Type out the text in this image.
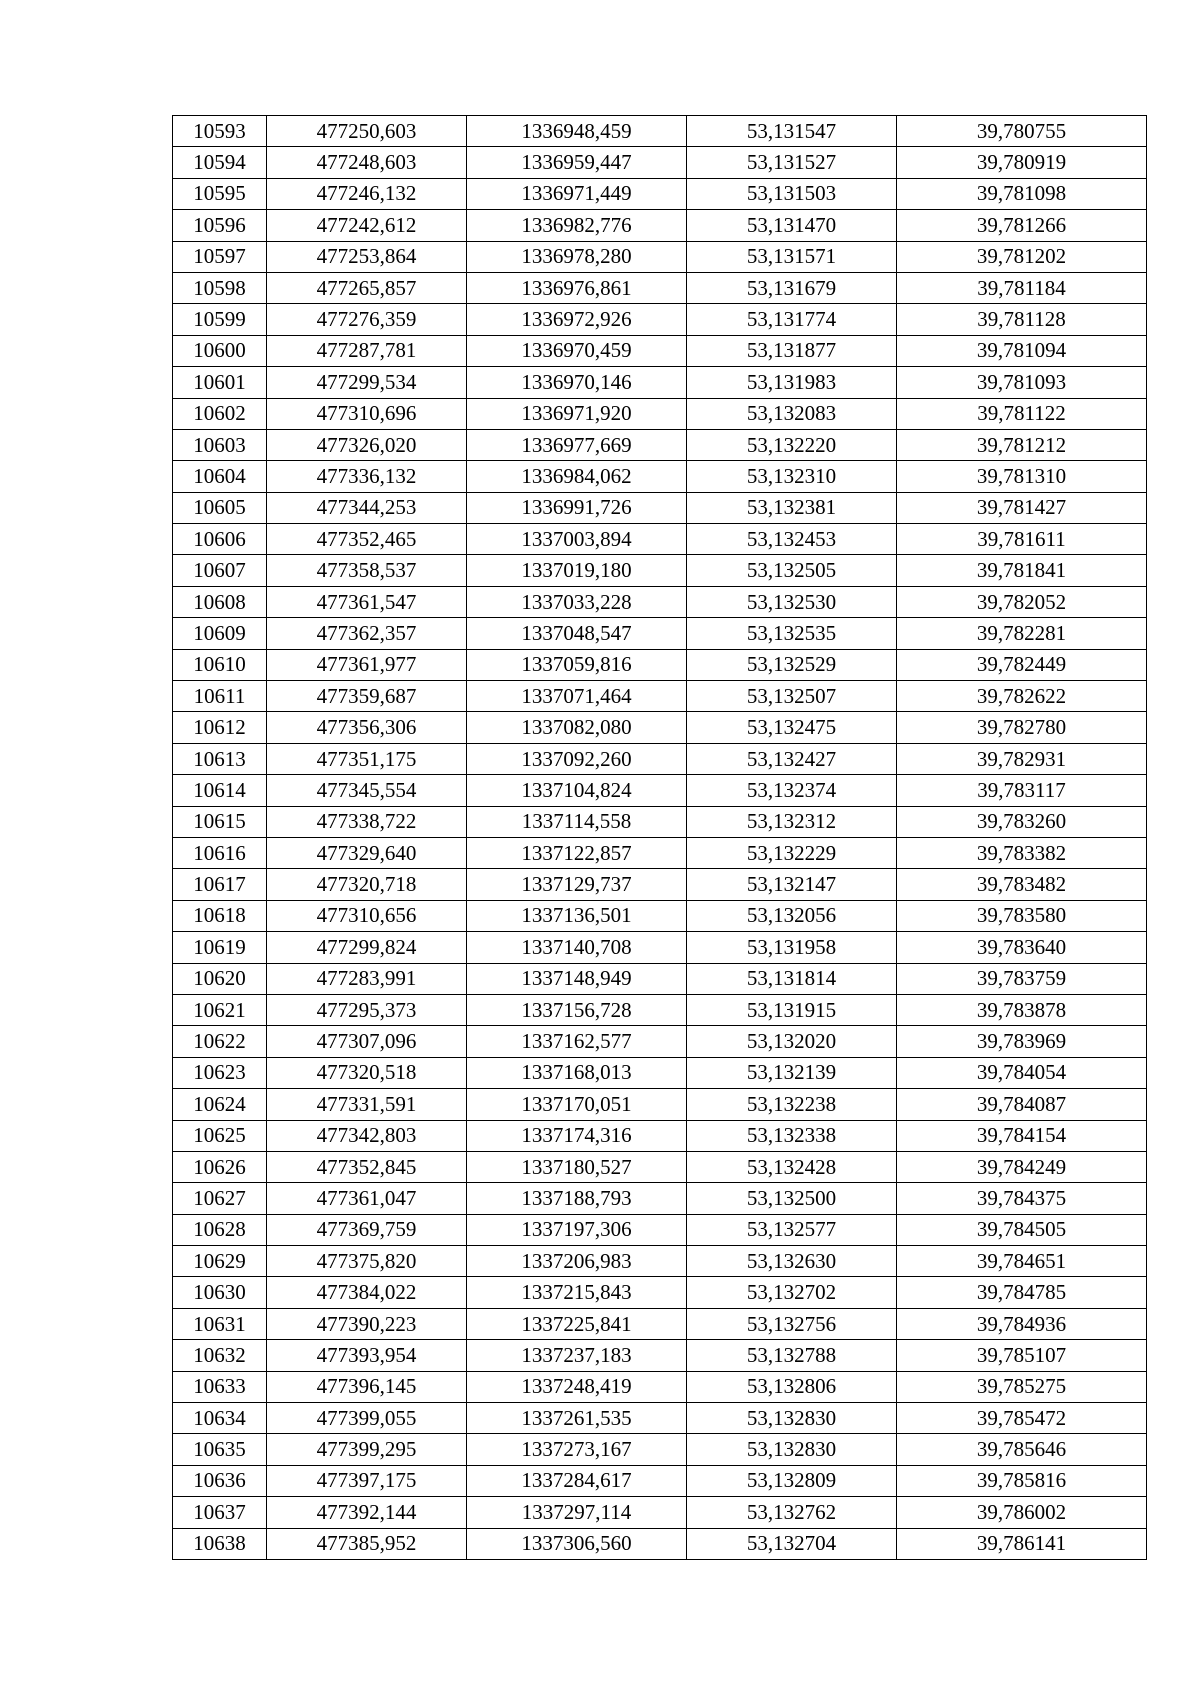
10593	477250,603	1336948,459	53,131547	39,780755
10594	477248,603	1336959,447	53,131527	39,780919
10595	477246,132	1336971,449	53,131503	39,781098
10596	477242,612	1336982,776	53,131470	39,781266
10597	477253,864	1336978,280	53,131571	39,781202
10598	477265,857	1336976,861	53,131679	39,781184
10599	477276,359	1336972,926	53,131774	39,781128
10600	477287,781	1336970,459	53,131877	39,781094
10601	477299,534	1336970,146	53,131983	39,781093
10602	477310,696	1336971,920	53,132083	39,781122
10603	477326,020	1336977,669	53,132220	39,781212
10604	477336,132	1336984,062	53,132310	39,781310
10605	477344,253	1336991,726	53,132381	39,781427
10606	477352,465	1337003,894	53,132453	39,781611
10607	477358,537	1337019,180	53,132505	39,781841
10608	477361,547	1337033,228	53,132530	39,782052
10609	477362,357	1337048,547	53,132535	39,782281
10610	477361,977	1337059,816	53,132529	39,782449
10611	477359,687	1337071,464	53,132507	39,782622
10612	477356,306	1337082,080	53,132475	39,782780
10613	477351,175	1337092,260	53,132427	39,782931
10614	477345,554	1337104,824	53,132374	39,783117
10615	477338,722	1337114,558	53,132312	39,783260
10616	477329,640	1337122,857	53,132229	39,783382
10617	477320,718	1337129,737	53,132147	39,783482
10618	477310,656	1337136,501	53,132056	39,783580
10619	477299,824	1337140,708	53,131958	39,783640
10620	477283,991	1337148,949	53,131814	39,783759
10621	477295,373	1337156,728	53,131915	39,783878
10622	477307,096	1337162,577	53,132020	39,783969
10623	477320,518	1337168,013	53,132139	39,784054
10624	477331,591	1337170,051	53,132238	39,784087
10625	477342,803	1337174,316	53,132338	39,784154
10626	477352,845	1337180,527	53,132428	39,784249
10627	477361,047	1337188,793	53,132500	39,784375
10628	477369,759	1337197,306	53,132577	39,784505
10629	477375,820	1337206,983	53,132630	39,784651
10630	477384,022	1337215,843	53,132702	39,784785
10631	477390,223	1337225,841	53,132756	39,784936
10632	477393,954	1337237,183	53,132788	39,785107
10633	477396,145	1337248,419	53,132806	39,785275
10634	477399,055	1337261,535	53,132830	39,785472
10635	477399,295	1337273,167	53,132830	39,785646
10636	477397,175	1337284,617	53,132809	39,785816
10637	477392,144	1337297,114	53,132762	39,786002
10638	477385,952	1337306,560	53,132704	39,786141
